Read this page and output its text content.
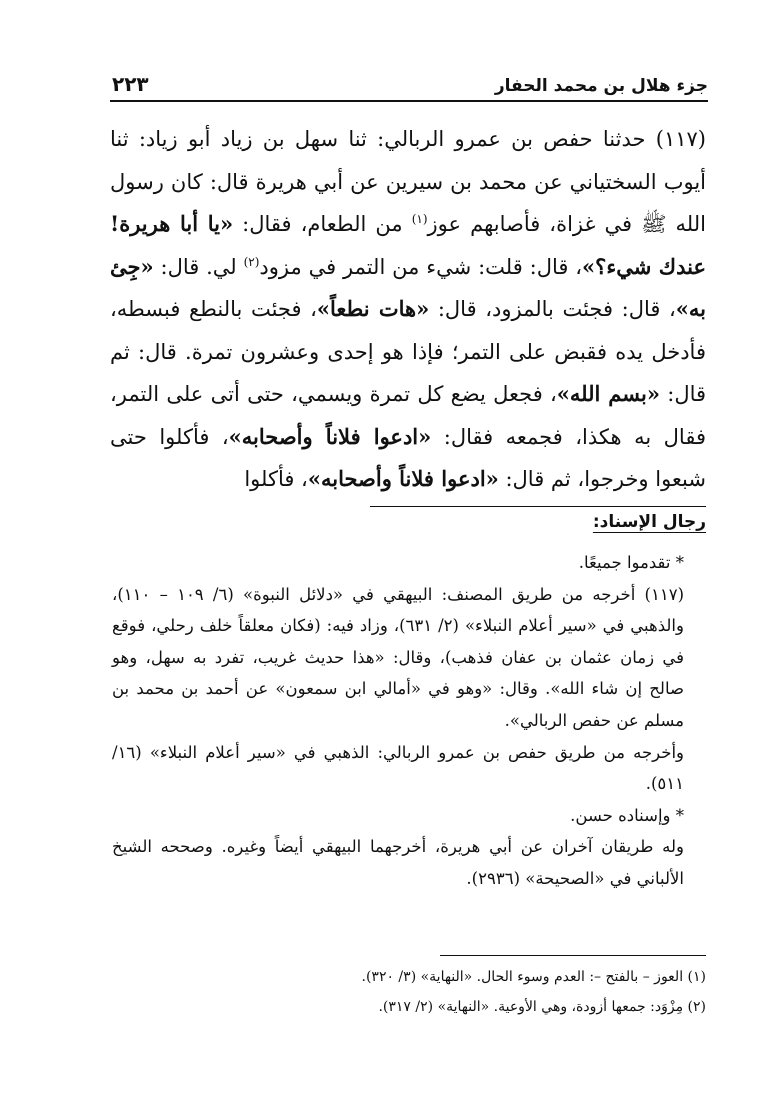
جزء هلال بن محمد الحفار
٢٢٣

(١١٧) حدثنا حفص بن عمرو الربالي: ثنا سهل بن زياد أبو زياد: ثنا أيوب السختياني عن محمد بن سيرين عن أبي هريرة قال: كان رسول الله ﷺ في غزاة، فأصابهم عوز$^{(١)}$ من الطعام، فقال: «يا أبا هريرة! عندك شيء؟»، قال: قلت: شيء من التمر في مزود$^{(٢)}$ لي. قال: «جِئ به»، قال: فجئت بالمزود، قال: «هات نطعاً»، فجئت بالنطع فبسطه، فأدخل يده فقبض على التمر؛ فإذا هو إحدى وعشرون تمرة. قال: ثم قال: «بسم الله»، فجعل يضع كل تمرة ويسمي، حتى أتى على التمر، فقال به هكذا، فجمعه فقال: «ادعوا فلاناً وأصحابه»، فأكلوا حتى شبعوا وخرجوا، ثم قال: «ادعوا فلاناً وأصحابه»، فأكلوا

رجال الإسناد:

* تقدموا جميعًا.

(١١٧) أخرجه من طريق المصنف: البيهقي في «دلائل النبوة» (٦/ ١٠٩ – ١١٠)، والذهبي في «سير أعلام النبلاء» (٢/ ٦٣١)، وزاد فيه: (فكان معلقاً خلف رحلي، فوقع في زمان عثمان بن عفان فذهب)، وقال: «هذا حديث غريب، تفرد به سهل، وهو صالح إن شاء الله». وقال: «وهو في «أمالي ابن سمعون» عن أحمد بن محمد بن مسلم عن حفص الربالي».

وأخرجه من طريق حفص بن عمرو الربالي: الذهبي في «سير أعلام النبلاء» (١٦/ ٥١١).

* وإسناده حسن.

وله طريقان آخران عن أبي هريرة، أخرجهما البيهقي أيضاً وغيره. وصححه الشيخ الألباني في «الصحيحة» (٢٩٣٦).

(١) العوز – بالفتح –: العدم وسوء الحال. «النهاية» (٣/ ٣٢٠).

(٢) مِزْوَد: جمعها أزودة، وهي الأوعية. «النهاية» (٢/ ٣١٧).
